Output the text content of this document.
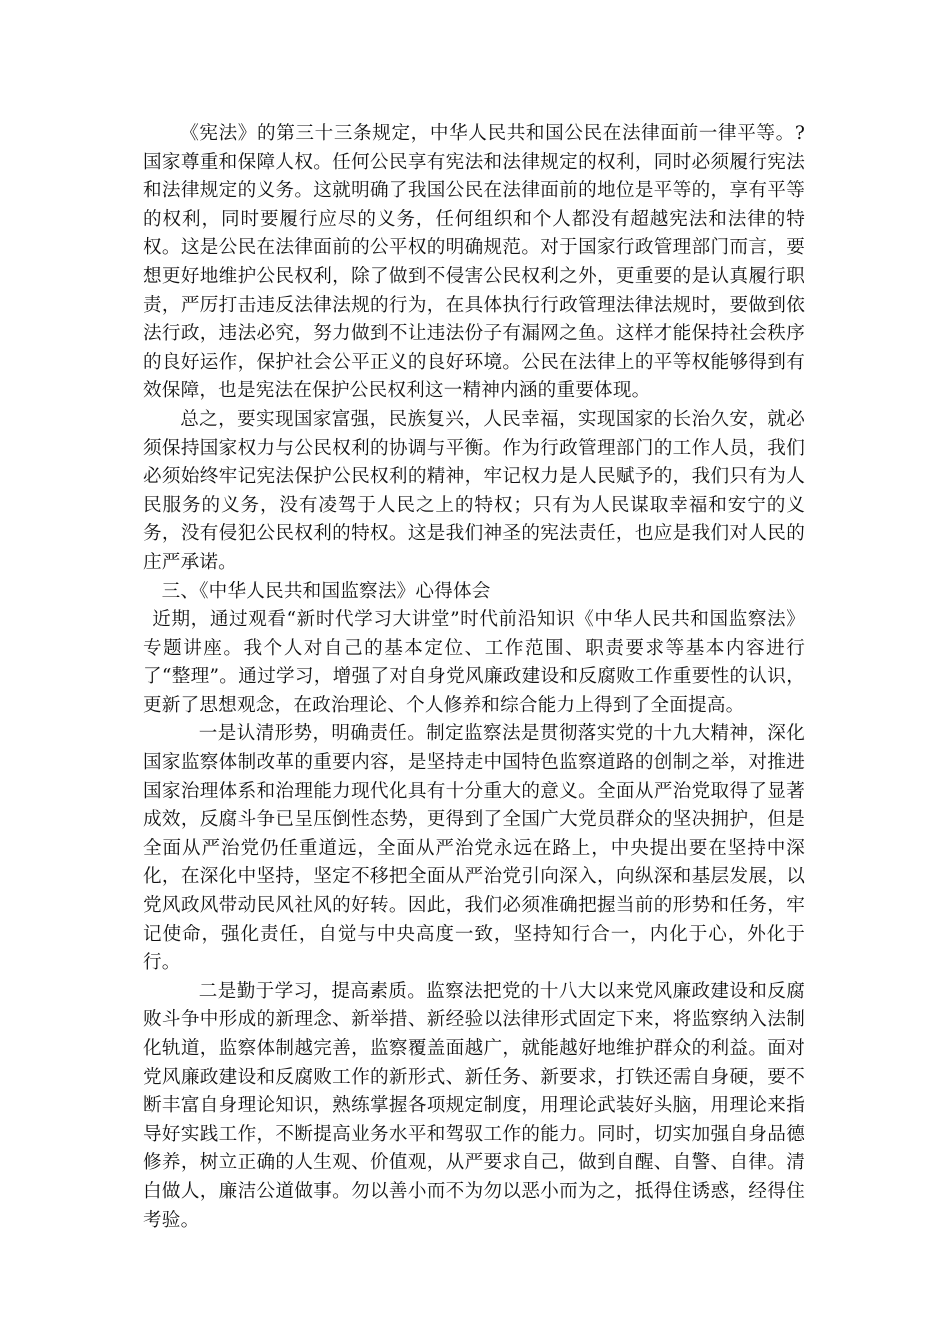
《宪法》的第三十三条规定，中华人民共和国公民在法律面前一律平等。?国家尊重和保障人权。任何公民享有宪法和法律规定的权利，同时必须履行宪法和法律规定的义务。这就明确了我国公民在法律面前的地位是平等的，享有平等的权利，同时要履行应尽的义务，任何组织和个人都没有超越宪法和法律的特权。这是公民在法律面前的公平权的明确规范。对于国家行政管理部门而言，要想更好地维护公民权利，除了做到不侵害公民权利之外，更重要的是认真履行职责，严厉打击违反法律法规的行为，在具体执行行政管理法律法规时，要做到依法行政，违法必究，努力做到不让违法份子有漏网之鱼。这样才能保持社会秩序的良好运作，保护社会公平正义的良好环境。公民在法律上的平等权能够得到有效保障，也是宪法在保护公民权利这一精神内涵的重要体现。

总之，要实现国家富强，民族复兴，人民幸福，实现国家的长治久安，就必须保持国家权力与公民权利的协调与平衡。作为行政管理部门的工作人员，我们必须始终牢记宪法保护公民权利的精神，牢记权力是人民赋予的，我们只有为人民服务的义务，没有凌驾于人民之上的特权；只有为人民谋取幸福和安宁的义务，没有侵犯公民权利的特权。这是我们神圣的宪法责任，也应是我们对人民的庄严承诺。

三、《中华人民共和国监察法》心得体会

近期，通过观看“新时代学习大讲堂”时代前沿知识《中华人民共和国监察法》专题讲座。我个人对自己的基本定位、工作范围、职责要求等基本内容进行了“整理”。通过学习，增强了对自身党风廉政建设和反腐败工作重要性的认识，更新了思想观念，在政治理论、个人修养和综合能力上得到了全面提高。

一是认清形势，明确责任。制定监察法是贯彻落实党的十九大精神，深化国家监察体制改革的重要内容，是坚持走中国特色监察道路的创制之举，对推进国家治理体系和治理能力现代化具有十分重大的意义。全面从严治党取得了显著成效，反腐斗争已呈压倒性态势，更得到了全国广大党员群众的坚决拥护，但是全面从严治党仍任重道远，全面从严治党永远在路上，中央提出要在坚持中深化，在深化中坚持，坚定不移把全面从严治党引向深入，向纵深和基层发展，以党风政风带动民风社风的好转。因此，我们必须准确把握当前的形势和任务，牢记使命，强化责任，自觉与中央高度一致，坚持知行合一，内化于心，外化于行。

二是勤于学习，提高素质。监察法把党的十八大以来党风廉政建设和反腐败斗争中形成的新理念、新举措、新经验以法律形式固定下来，将监察纳入法制化轨道，监察体制越完善，监察覆盖面越广，就能越好地维护群众的利益。面对党风廉政建设和反腐败工作的新形式、新任务、新要求，打铁还需自身硬，要不断丰富自身理论知识，熟练掌握各项规定制度，用理论武装好头脑，用理论来指导好实践工作，不断提高业务水平和驾驭工作的能力。同时，切实加强自身品德修养，树立正确的人生观、价值观，从严要求自己，做到自醒、自警、自律。清白做人，廉洁公道做事。勿以善小而不为勿以恶小而为之，抵得住诱惑，经得住考验。
